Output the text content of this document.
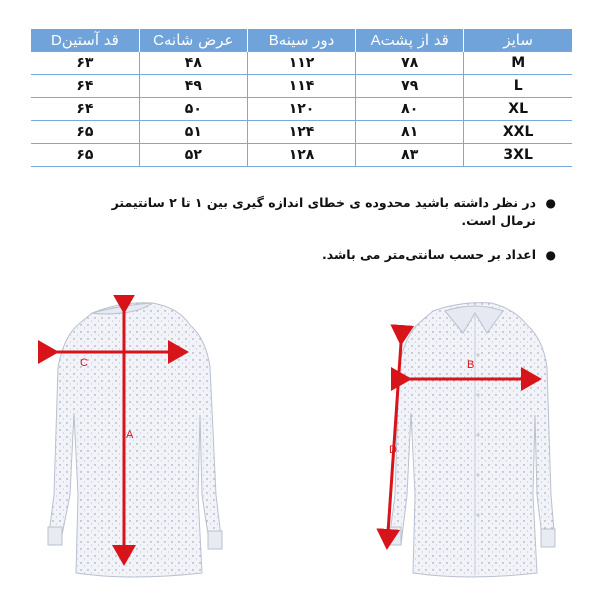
سایز	قد از پشتA	دور سینهB	عرض شانهC	قد آستینD
M	۷۸	۱۱۲	۴۸	۶۳
L	۷۹	۱۱۴	۴۹	۶۴
XL	۸۰	۱۲۰	۵۰	۶۴
XXL	۸۱	۱۲۴	۵۱	۶۵
3XL	۸۳	۱۲۸	۵۲	۶۵
●
در نظر داشته باشید محدوده ی خطای اندازه گیری بین ۱ تا ۲ سانتیمتر نرمال است.
●
اعداد بر حسب سانتی‌متر می باشد.
C
A
B
D
